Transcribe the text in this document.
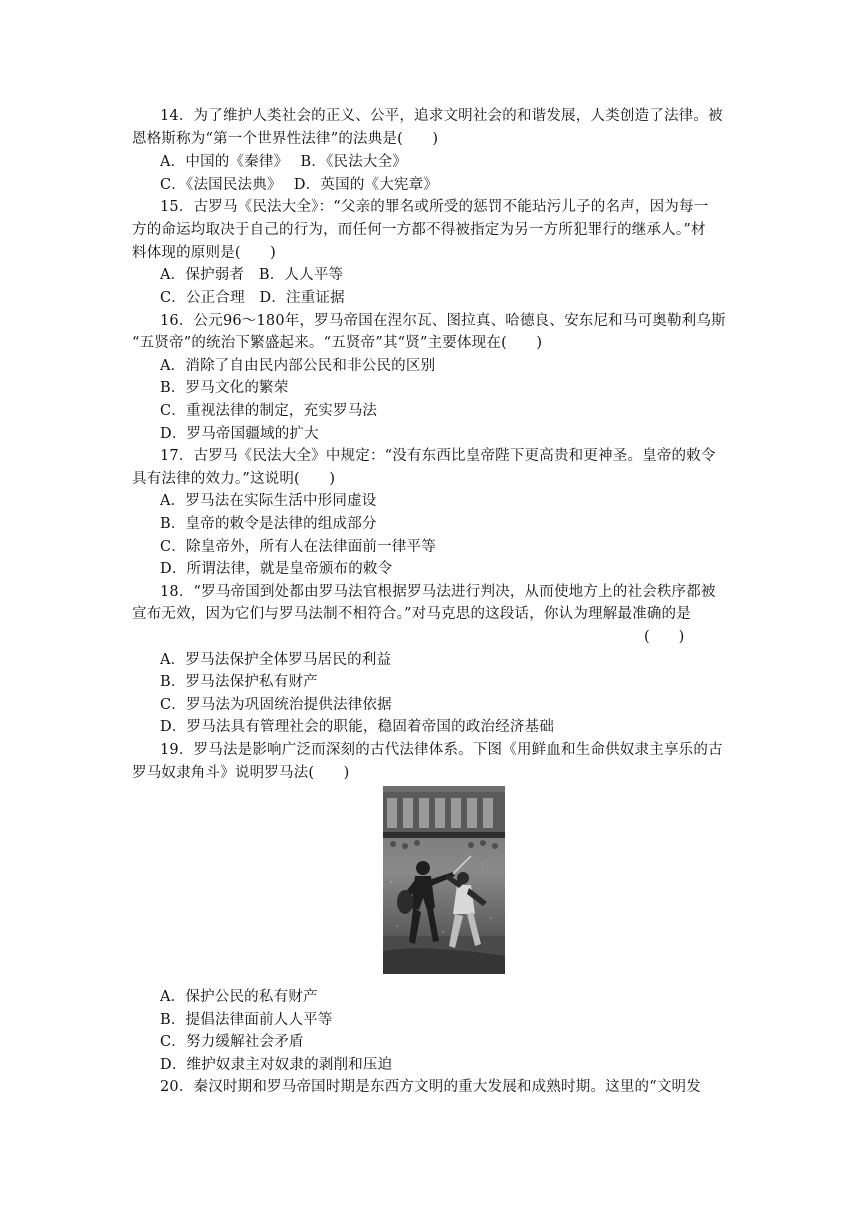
14．为了维护人类社会的正义、公平，追求文明社会的和谐发展，人类创造了法律。被
恩格斯称为“第一个世界性法律”的法典是(　　)
A．中国的《秦律》　 B．《民法大全》
C．《法国民法典》　 D．英国的《大宪章》
15．古罗马《民法大全》：“父亲的罪名或所受的惩罚不能玷污儿子的名声，因为每一
方的命运均取决于自己的行为，而任何一方都不得被指定为另一方所犯罪行的继承人。”材
料体现的原则是(　　)
A．保护弱者　B．人人平等
C．公正合理　D．注重证据
16．公元96～180年，罗马帝国在涅尔瓦、图拉真、哈德良、安东尼和马可奥勒利乌斯
“五贤帝”的统治下繁盛起来。“五贤帝”其“贤”主要体现在(　　)
A．消除了自由民内部公民和非公民的区别
B．罗马文化的繁荣
C．重视法律的制定，充实罗马法
D．罗马帝国疆域的扩大
17．古罗马《民法大全》中规定：“没有东西比皇帝陛下更高贵和更神圣。皇帝的敕令
具有法律的效力。”这说明(　　)
A．罗马法在实际生活中形同虚设
B．皇帝的敕令是法律的组成部分
C．除皇帝外，所有人在法律面前一律平等
D．所谓法律，就是皇帝颁布的敕令
18．“罗马帝国到处都由罗马法官根据罗马法进行判决，从而使地方上的社会秩序都被
宣布无效，因为它们与罗马法制不相符合。”对马克思的这段话，你认为理解最准确的是
(　　)
A．罗马法保护全体罗马居民的利益
B．罗马法保护私有财产
C．罗马法为巩固统治提供法律依据
D．罗马法具有管理社会的职能，稳固着帝国的政治经济基础
19．罗马法是影响广泛而深刻的古代法律体系。下图《用鲜血和生命供奴隶主享乐的古
罗马奴隶角斗》说明罗马法(　　)
A．保护公民的私有财产
B．提倡法律面前人人平等
C．努力缓解社会矛盾
D．维护奴隶主对奴隶的剥削和压迫
20．秦汉时期和罗马帝国时期是东西方文明的重大发展和成熟时期。这里的“文明发
